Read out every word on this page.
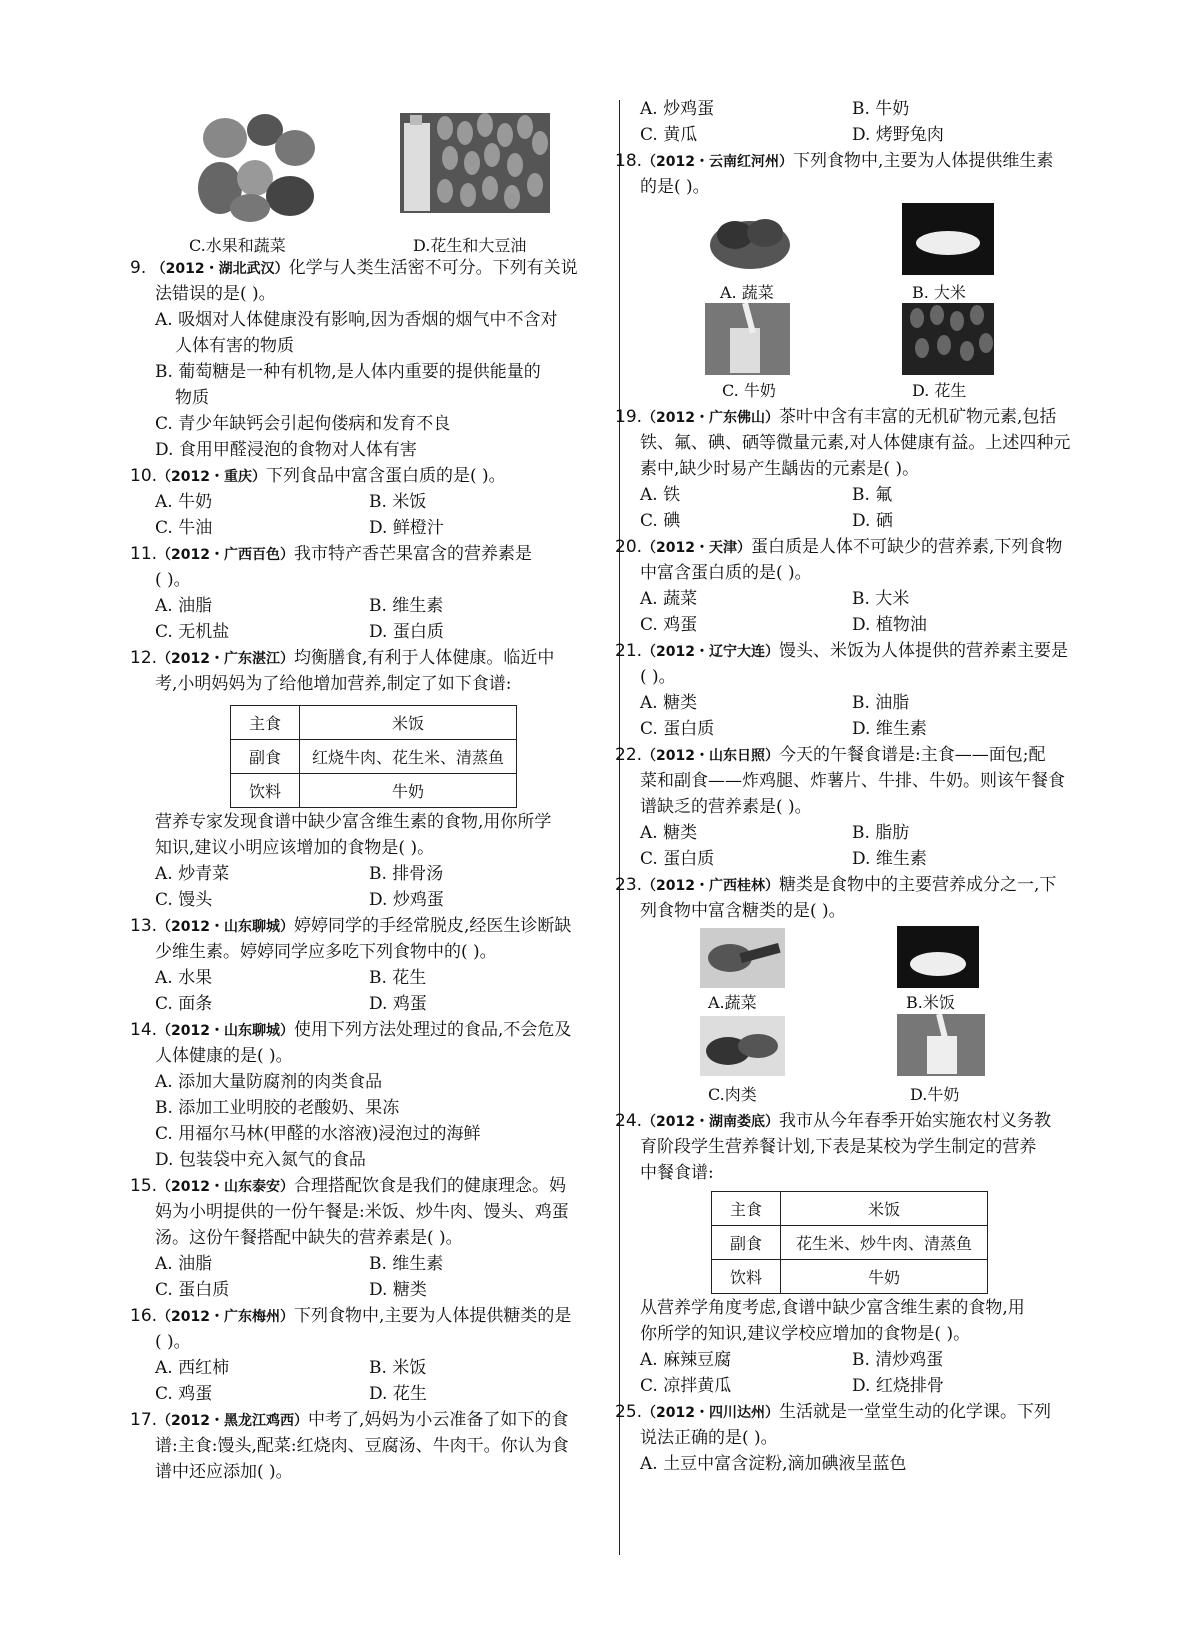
C.水果和蔬菜	D.花生和大豆油
9. （2012・湖北武汉）化学与人类生活密不可分。下列有关说
法错误的是( )。
A. 吸烟对人体健康没有影响,因为香烟的烟气中不含对
人体有害的物质
B. 葡萄糖是一种有机物,是人体内重要的提供能量的
物质
C. 青少年缺钙会引起佝偻病和发育不良
D. 食用甲醛浸泡的食物对人体有害
10.（2012・重庆）下列食品中富含蛋白质的是( )。
A. 牛奶	B. 米饭
C. 牛油	D. 鲜橙汁
11.（2012・广西百色）我市特产香芒果富含的营养素是
( )。
A. 油脂	B. 维生素
C. 无机盐	D. 蛋白质
12.（2012・广东湛江）均衡膳食,有利于人体健康。临近中
考,小明妈妈为了给他增加营养,制定了如下食谱:
主食	米饭
副食	红烧牛肉、花生米、清蒸鱼
饮料	牛奶
营养专家发现食谱中缺少富含维生素的食物,用你所学
知识,建议小明应该增加的食物是( )。
A. 炒青菜	B. 排骨汤
C. 馒头	D. 炒鸡蛋
13.（2012・山东聊城）婷婷同学的手经常脱皮,经医生诊断缺
少维生素。婷婷同学应多吃下列食物中的( )。
A. 水果	B. 花生
C. 面条	D. 鸡蛋
14.（2012・山东聊城）使用下列方法处理过的食品,不会危及
人体健康的是( )。
A. 添加大量防腐剂的肉类食品
B. 添加工业明胶的老酸奶、果冻
C. 用福尔马林(甲醛的水溶液)浸泡过的海鲜
D. 包装袋中充入氮气的食品
15.（2012・山东泰安）合理搭配饮食是我们的健康理念。妈
妈为小明提供的一份午餐是:米饭、炒牛肉、馒头、鸡蛋
汤。这份午餐搭配中缺失的营养素是( )。
A. 油脂	B. 维生素
C. 蛋白质	D. 糖类
16.（2012・广东梅州）下列食物中,主要为人体提供糖类的是
( )。
A. 西红柿	B. 米饭
C. 鸡蛋	D. 花生
17.（2012・黑龙江鸡西）中考了,妈妈为小云准备了如下的食
谱:主食:馒头,配菜:红烧肉、豆腐汤、牛肉干。你认为食
谱中还应添加( )。
A. 炒鸡蛋	B. 牛奶
C. 黄瓜	D. 烤野兔肉
18.（2012・云南红河州）下列食物中,主要为人体提供维生素
的是( )。
A. 蔬菜	B. 大米
C. 牛奶	D. 花生
19.（2012・广东佛山）茶叶中含有丰富的无机矿物元素,包括
铁、氟、碘、硒等微量元素,对人体健康有益。上述四种元
素中,缺少时易产生龋齿的元素是( )。
A. 铁	B. 氟
C. 碘	D. 硒
20.（2012・天津）蛋白质是人体不可缺少的营养素,下列食物
中富含蛋白质的是( )。
A. 蔬菜	B. 大米
C. 鸡蛋	D. 植物油
21.（2012・辽宁大连）馒头、米饭为人体提供的营养素主要是
( )。
A. 糖类	B. 油脂
C. 蛋白质	D. 维生素
22.（2012・山东日照）今天的午餐食谱是:主食——面包;配
菜和副食——炸鸡腿、炸薯片、牛排、牛奶。则该午餐食
谱缺乏的营养素是( )。
A. 糖类	B. 脂肪
C. 蛋白质	D. 维生素
23.（2012・广西桂林）糖类是食物中的主要营养成分之一,下
列食物中富含糖类的是( )。
A.蔬菜	B.米饭
C.肉类	D.牛奶
24.（2012・湖南娄底）我市从今年春季开始实施农村义务教
育阶段学生营养餐计划,下表是某校为学生制定的营养
中餐食谱:
主食	米饭
副食	花生米、炒牛肉、清蒸鱼
饮料	牛奶
从营养学角度考虑,食谱中缺少富含维生素的食物,用
你所学的知识,建议学校应增加的食物是( )。
A. 麻辣豆腐	B. 清炒鸡蛋
C. 凉拌黄瓜	D. 红烧排骨
25.（2012・四川达州）生活就是一堂堂生动的化学课。下列
说法正确的是( )。
A. 土豆中富含淀粉,滴加碘液呈蓝色
